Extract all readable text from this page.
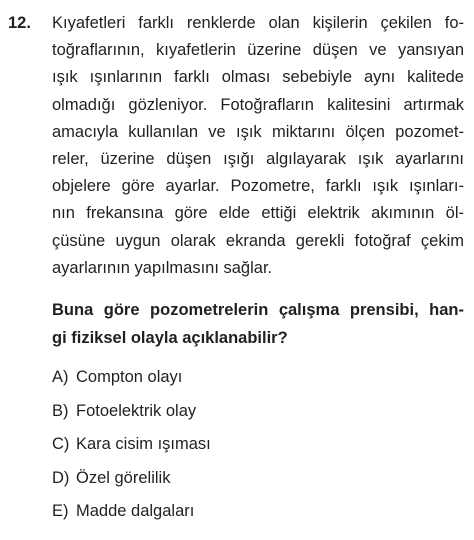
12. Kıyafetleri farklı renklerde olan kişilerin çekilen fo-
toğraflarının, kıyafetlerin üzerine düşen ve yansıyan
ışık ışınlarının farklı olması sebebiyle aynı kalitede
olmadığı gözleniyor. Fotoğrafların kalitesini artırmak
amacıyla kullanılan ve ışık miktarını ölçen pozomet-
reler, üzerine düşen ışığı algılayarak ışık ayarlarını
objelere göre ayarlar. Pozometre, farklı ışık ışınları-
nın frekansına göre elde ettiği elektrik akımının öl-
çüsüne uygun olarak ekranda gerekli fotoğraf çekim
ayarlarının yapılmasını sağlar.
Buna göre pozometrelerin çalışma prensibi, han-
gi fiziksel olayla açıklanabilir?
A) Compton olayı
B) Fotoelektrik olay
C) Kara cisim ışıması
D) Özel görelilik
E) Madde dalgaları
